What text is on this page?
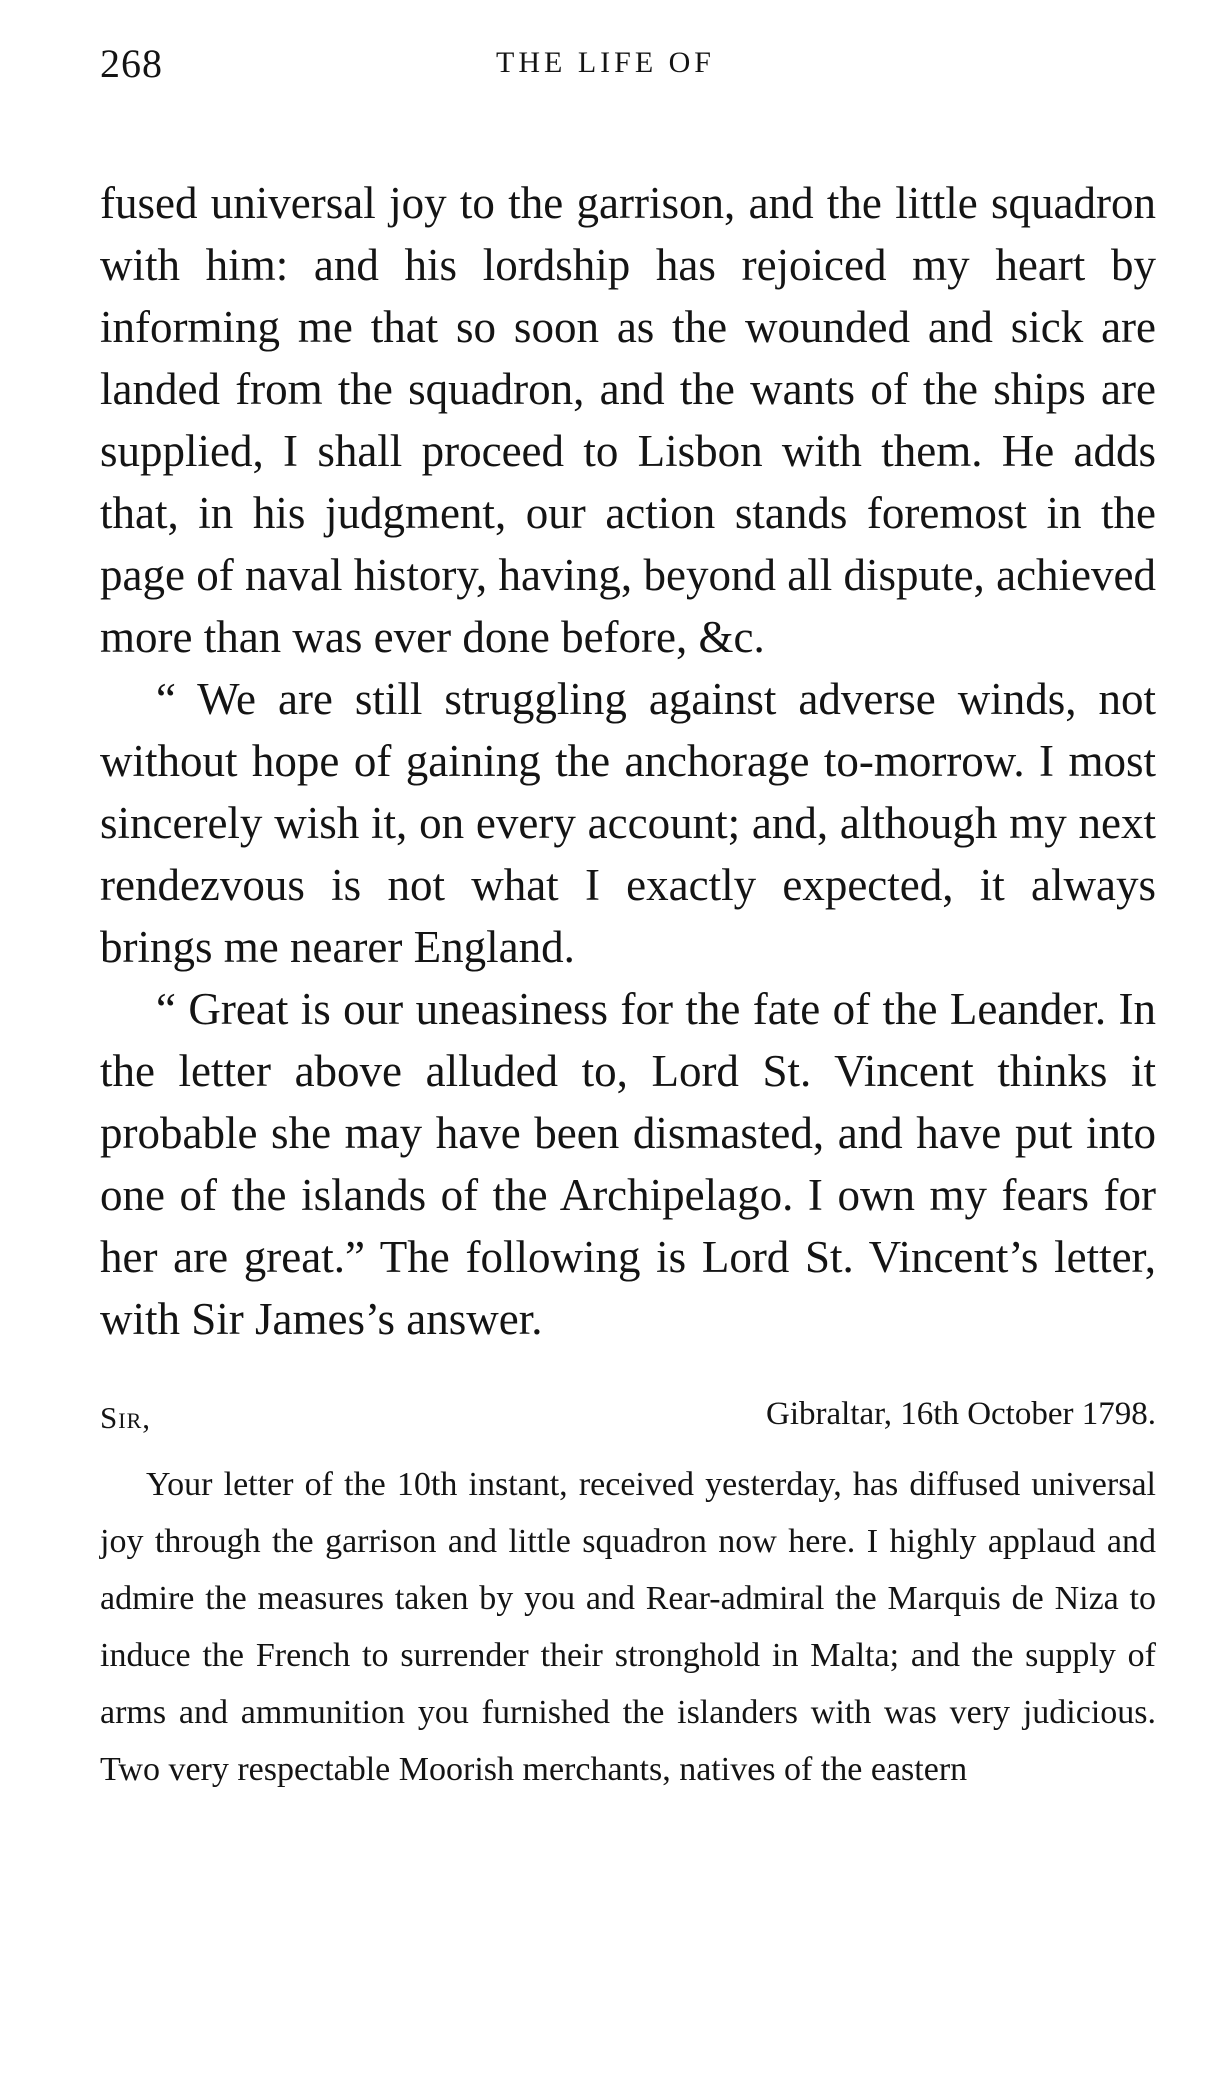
268	THE LIFE OF

fused universal joy to the garrison, and the little squadron with him: and his lordship has rejoiced my heart by informing me that so soon as the wounded and sick are landed from the squadron, and the wants of the ships are supplied, I shall proceed to Lisbon with them. He adds that, in his judgment, our action stands foremost in the page of naval history, having, beyond all dispute, achieved more than was ever done before, &c.

“ We are still struggling against adverse winds, not without hope of gaining the anchorage to-morrow. I most sincerely wish it, on every account; and, although my next rendezvous is not what I exactly expected, it always brings me nearer England.

“ Great is our uneasiness for the fate of the Leander. In the letter above alluded to, Lord St. Vincent thinks it probable she may have been dismasted, and have put into one of the islands of the Archipelago. I own my fears for her are great.” The following is Lord St. Vincent’s letter, with Sir James’s answer.

Sir,	Gibraltar, 16th October 1798.

Your letter of the 10th instant, received yesterday, has diffused universal joy through the garrison and little squadron now here. I highly applaud and admire the measures taken by you and Rear-admiral the Marquis de Niza to induce the French to surrender their stronghold in Malta; and the supply of arms and ammunition you furnished the islanders with was very judicious. Two very respectable Moorish merchants, natives of the eastern
